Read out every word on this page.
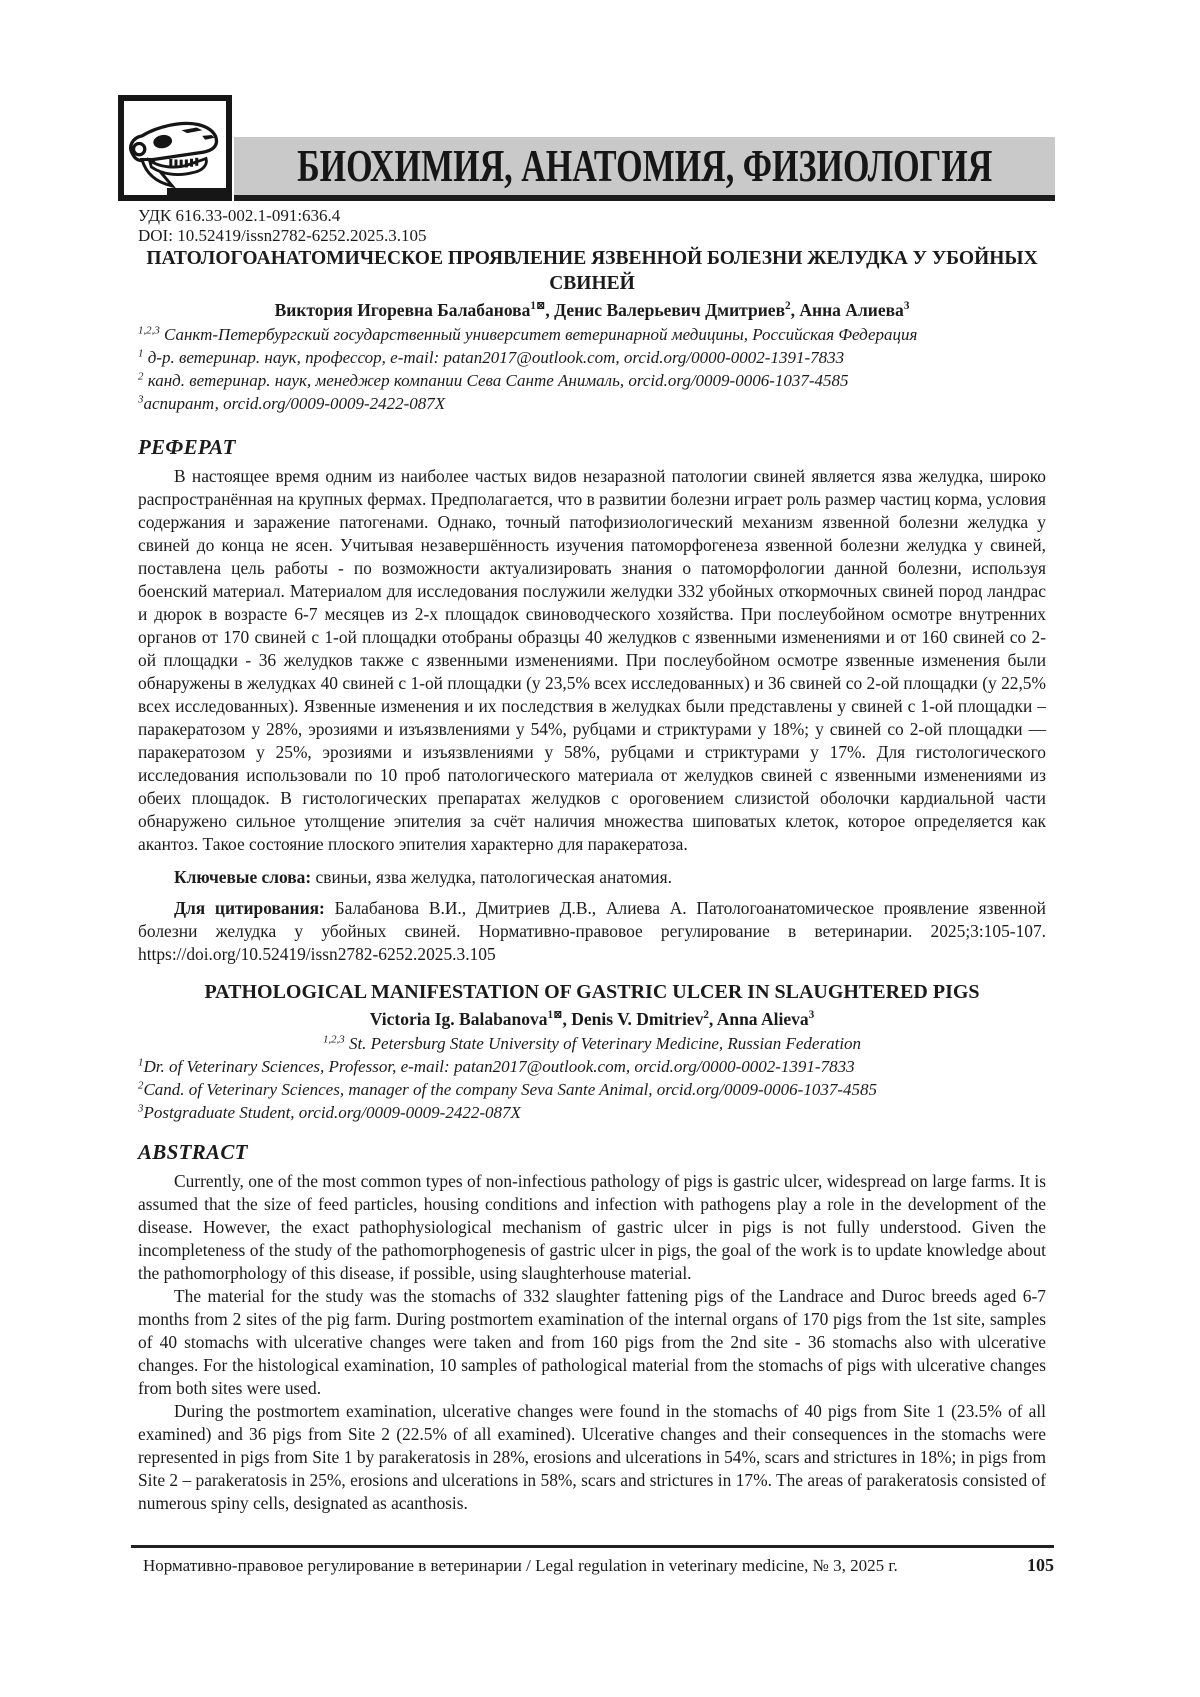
БИОХИМИЯ, АНАТОМИЯ, ФИЗИОЛОГИЯ
УДК 616.33-002.1-091:636.4
DOI: 10.52419/issn2782-6252.2025.3.105
ПАТОЛОГОАНАТОМИЧЕСКОЕ ПРОЯВЛЕНИЕ ЯЗВЕННОЙ БОЛЕЗНИ ЖЕЛУДКА У УБОЙНЫХ СВИНЕЙ
Виктория Игоревна Балабанова$^{1⊠}$, Денис Валерьевич Дмитриев$^2$, Анна Алиева$^3$
$^{1,2,3}$ Санкт-Петербургский государственный университет ветеринарной медицины, Российская Федерация
$^1$ д-р. ветеринар. наук, профессор, e-mail: patan2017@outlook.com, orcid.org/0000-0002-1391-7833
$^2$ канд. ветеринар. наук, менеджер компании Сева Санте Анималь, orcid.org/0009-0006-1037-4585
$^3$аспирант, orcid.org/0009-0009-2422-087X
РЕФЕРАТ

В настоящее время одним из наиболее частых видов незаразной патологии свиней является язва желудка, широко распространённая на крупных фермах. Предполагается, что в развитии болезни играет роль размер частиц корма, условия содержания и заражение патогенами. Однако, точный патофизиологический механизм язвенной болезни желудка у свиней до конца не ясен. Учитывая незавершённость изучения патоморфогенеза язвенной болезни желудка у свиней, поставлена цель работы - по возможности актуализировать знания о патоморфологии данной болезни, используя боенский материал. Материалом для исследования послужили желудки 332 убойных откормочных свиней пород ландрас и дюрок в возрасте 6-7 месяцев из 2-х площадок свиноводческого хозяйства. При послеубойном осмотре внутренних органов от 170 свиней с 1-ой площадки отобраны образцы 40 желудков с язвенными изменениями и от 160 свиней со 2-ой площадки - 36 желудков также с язвенными изменениями. При послеубойном осмотре язвенные изменения были обнаружены в желудках 40 свиней с 1-ой площадки (у 23,5% всех исследованных) и 36 свиней со 2-ой площадки (у 22,5% всех исследованных). Язвенные изменения и их последствия в желудках были представлены у свиней с 1-ой площадки – паракератозом у 28%, эрозиями и изъязвлениями у 54%, рубцами и стриктурами у 18%; у свиней со 2-ой площадки — паракератозом у 25%, эрозиями и изъязвлениями у 58%, рубцами и стриктурами у 17%. Для гистологического исследования использовали по 10 проб патологического материала от желудков свиней с язвенными изменениями из обеих площадок. В гистологических препаратах желудков с ороговением слизистой оболочки кардиальной части обнаружено сильное утолщение эпителия за счёт наличия множества шиповатых клеток, которое определяется как акантоз. Такое состояние плоского эпителия характерно для паракератоза.

Ключевые слова: свиньи, язва желудка, патологическая анатомия.

Для цитирования: Балабанова В.И., Дмитриев Д.В., Алиева А. Патологоанатомическое проявление язвенной болезни желудка у убойных свиней. Нормативно-правовое регулирование в ветеринарии. 2025;3:105-107. https://doi.org/10.52419/issn2782-6252.2025.3.105

PATHOLOGICAL MANIFESTATION OF GASTRIC ULCER IN SLAUGHTERED PIGS
Victoria Ig. Balabanova$^{1⊠}$, Denis V. Dmitriev$^2$, Anna Alieva$^3$
$^{1,2,3}$ St. Petersburg State University of Veterinary Medicine, Russian Federation
$^1$Dr. of Veterinary Sciences, Professor, e-mail: patan2017@outlook.com, orcid.org/0000-0002-1391-7833
$^2$Cand. of Veterinary Sciences, manager of the company Seva Sante Animal, orcid.org/0009-0006-1037-4585
$^3$Postgraduate Student, orcid.org/0009-0009-2422-087X
ABSTRACT

Currently, one of the most common types of non-infectious pathology of pigs is gastric ulcer, widespread on large farms. It is assumed that the size of feed particles, housing conditions and infection with pathogens play a role in the development of the disease. However, the exact pathophysiological mechanism of gastric ulcer in pigs is not fully understood. Given the incompleteness of the study of the pathomorphogenesis of gastric ulcer in pigs, the goal of the work is to update knowledge about the pathomorphology of this disease, if possible, using slaughterhouse material.

The material for the study was the stomachs of 332 slaughter fattening pigs of the Landrace and Duroc breeds aged 6-7 months from 2 sites of the pig farm. During postmortem examination of the internal organs of 170 pigs from the 1st site, samples of 40 stomachs with ulcerative changes were taken and from 160 pigs from the 2nd site - 36 stomachs also with ulcerative changes. For the histological examination, 10 samples of pathological material from the stomachs of pigs with ulcerative changes from both sites were used.

During the postmortem examination, ulcerative changes were found in the stomachs of 40 pigs from Site 1 (23.5% of all examined) and 36 pigs from Site 2 (22.5% of all examined). Ulcerative changes and their consequences in the stomachs were represented in pigs from Site 1 by parakeratosis in 28%, erosions and ulcerations in 54%, scars and strictures in 18%; in pigs from Site 2 – parakeratosis in 25%, erosions and ulcerations in 58%, scars and strictures in 17%. The areas of parakeratosis consisted of numerous spiny cells, designated as acanthosis.

Нормативно-правовое регулирование в ветеринарии / Legal regulation in veterinary medicine, № 3, 2025 г.	105
